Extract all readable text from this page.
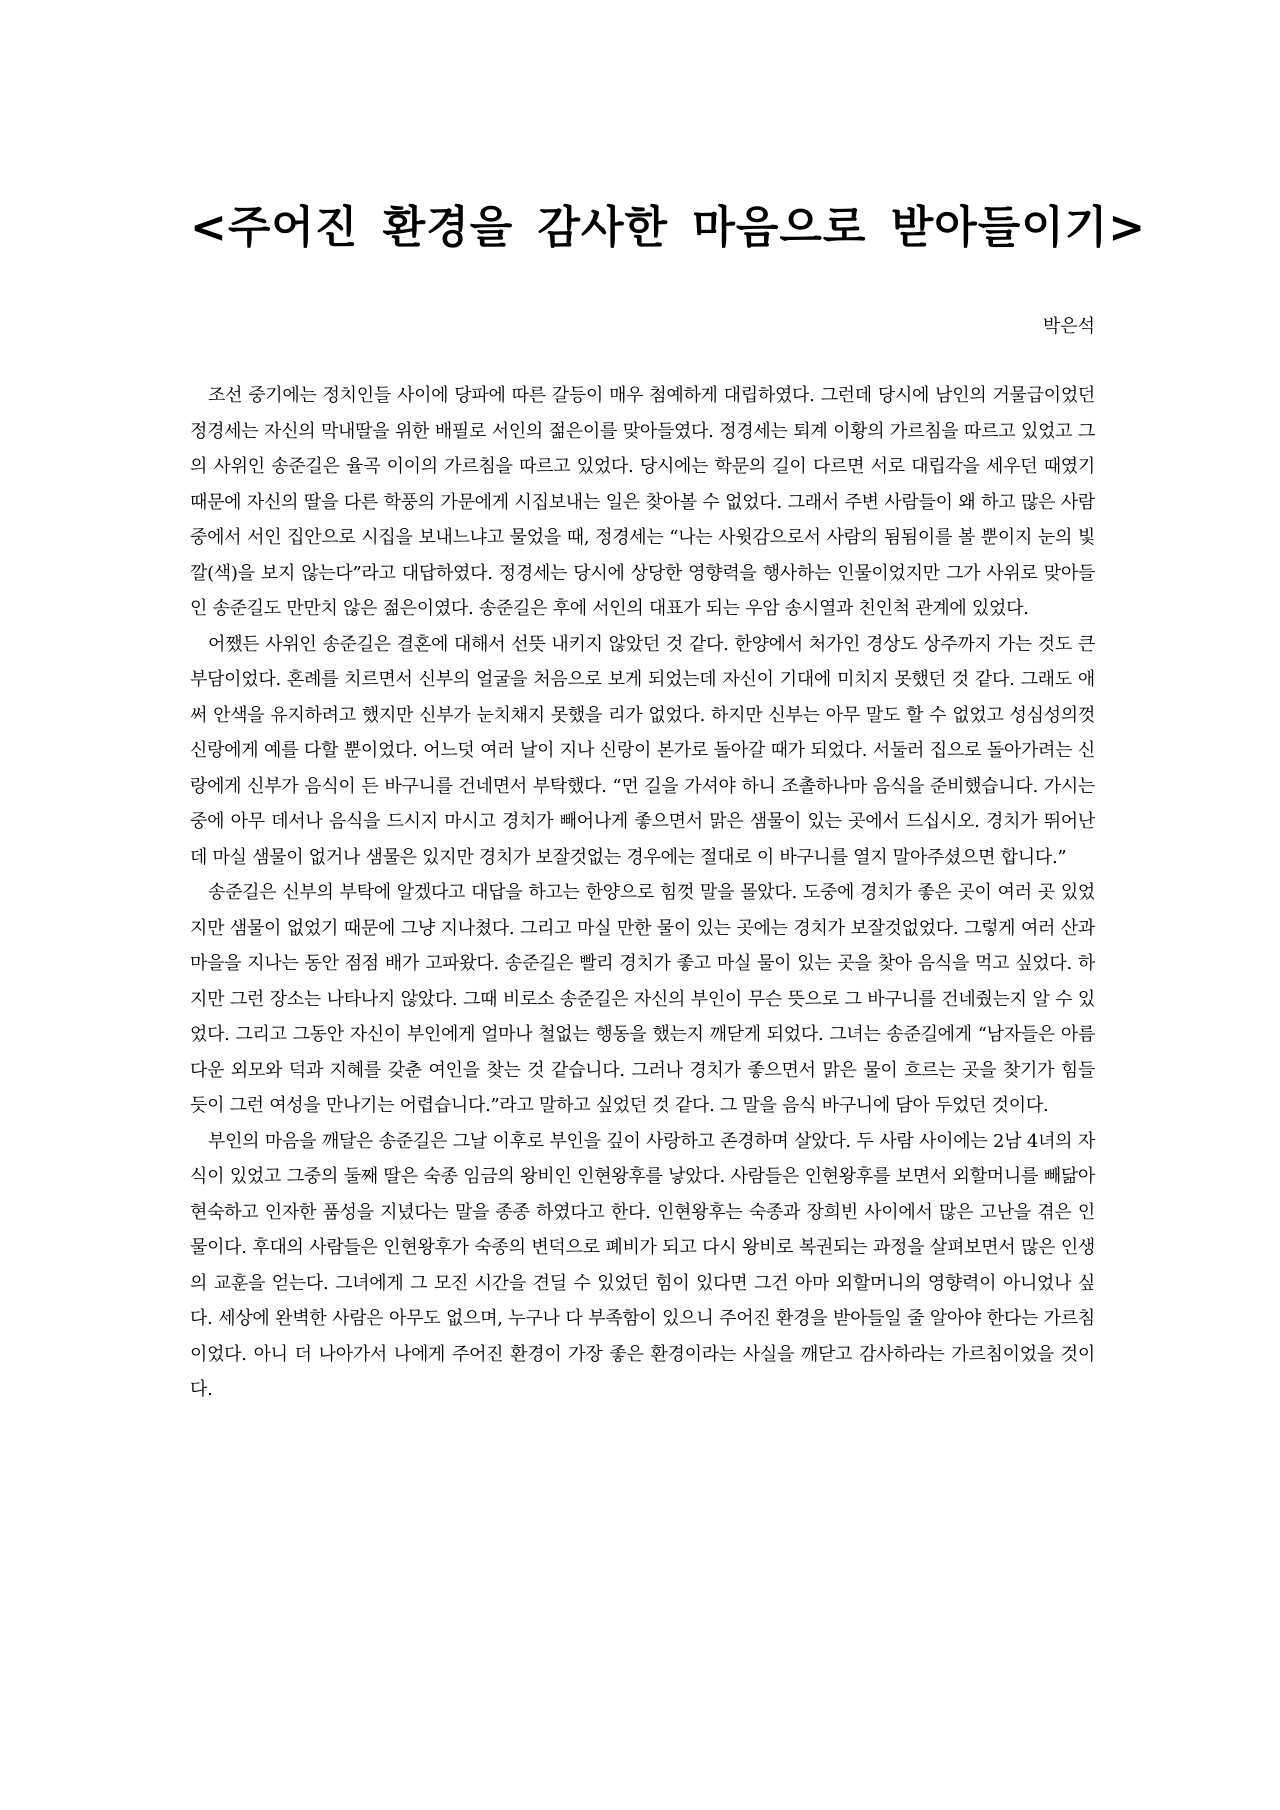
<주어진 환경을 감사한 마음으로 받아들이기>

박은석

조선 중기에는 정치인들 사이에 당파에 따른 갈등이 매우 첨예하게 대립하였다. 그런데 당시에 남인의 거물급이었던 정경세는 자신의 막내딸을 위한 배필로 서인의 젊은이를 맞아들였다. 정경세는 퇴계 이황의 가르침을 따르고 있었고 그의 사위인 송준길은 율곡 이이의 가르침을 따르고 있었다. 당시에는 학문의 길이 다르면 서로 대립각을 세우던 때였기 때문에 자신의 딸을 다른 학풍의 가문에게 시집보내는 일은 찾아볼 수 없었다. 그래서 주변 사람들이 왜 하고 많은 사람 중에서 서인 집안으로 시집을 보내느냐고 물었을 때, 정경세는 “나는 사윗감으로서 사람의 됨됨이를 볼 뿐이지 눈의 빛깔(색)을 보지 않는다”라고 대답하였다. 정경세는 당시에 상당한 영향력을 행사하는 인물이었지만 그가 사위로 맞아들인 송준길도 만만치 않은 젊은이였다. 송준길은 후에 서인의 대표가 되는 우암 송시열과 친인척 관계에 있었다.

어쨌든 사위인 송준길은 결혼에 대해서 선뜻 내키지 않았던 것 같다. 한양에서 처가인 경상도 상주까지 가는 것도 큰 부담이었다. 혼례를 치르면서 신부의 얼굴을 처음으로 보게 되었는데 자신이 기대에 미치지 못했던 것 같다. 그래도 애써 안색을 유지하려고 했지만 신부가 눈치채지 못했을 리가 없었다. 하지만 신부는 아무 말도 할 수 없었고 성심성의껏 신랑에게 예를 다할 뿐이었다. 어느덧 여러 날이 지나 신랑이 본가로 돌아갈 때가 되었다. 서둘러 집으로 돌아가려는 신랑에게 신부가 음식이 든 바구니를 건네면서 부탁했다. “먼 길을 가셔야 하니 조촐하나마 음식을 준비했습니다. 가시는 중에 아무 데서나 음식을 드시지 마시고 경치가 빼어나게 좋으면서 맑은 샘물이 있는 곳에서 드십시오. 경치가 뛰어난데 마실 샘물이 없거나 샘물은 있지만 경치가 보잘것없는 경우에는 절대로 이 바구니를 열지 말아주셨으면 합니다.”

송준길은 신부의 부탁에 알겠다고 대답을 하고는 한양으로 힘껏 말을 몰았다. 도중에 경치가 좋은 곳이 여러 곳 있었지만 샘물이 없었기 때문에 그냥 지나쳤다. 그리고 마실 만한 물이 있는 곳에는 경치가 보잘것없었다. 그렇게 여러 산과 마을을 지나는 동안 점점 배가 고파왔다. 송준길은 빨리 경치가 좋고 마실 물이 있는 곳을 찾아 음식을 먹고 싶었다. 하지만 그런 장소는 나타나지 않았다. 그때 비로소 송준길은 자신의 부인이 무슨 뜻으로 그 바구니를 건네줬는지 알 수 있었다. 그리고 그동안 자신이 부인에게 얼마나 철없는 행동을 했는지 깨닫게 되었다. 그녀는 송준길에게 “남자들은 아름다운 외모와 덕과 지혜를 갖춘 여인을 찾는 것 같습니다. 그러나 경치가 좋으면서 맑은 물이 흐르는 곳을 찾기가 힘들 듯이 그런 여성을 만나기는 어렵습니다.”라고 말하고 싶었던 것 같다. 그 말을 음식 바구니에 담아 두었던 것이다.

부인의 마음을 깨달은 송준길은 그날 이후로 부인을 깊이 사랑하고 존경하며 살았다. 두 사람 사이에는 2남 4녀의 자식이 있었고 그중의 둘째 딸은 숙종 임금의 왕비인 인현왕후를 낳았다. 사람들은 인현왕후를 보면서 외할머니를 빼닮아 현숙하고 인자한 품성을 지녔다는 말을 종종 하였다고 한다. 인현왕후는 숙종과 장희빈 사이에서 많은 고난을 겪은 인물이다. 후대의 사람들은 인현왕후가 숙종의 변덕으로 폐비가 되고 다시 왕비로 복권되는 과정을 살펴보면서 많은 인생의 교훈을 얻는다. 그녀에게 그 모진 시간을 견딜 수 있었던 힘이 있다면 그건 아마 외할머니의 영향력이 아니었나 싶다. 세상에 완벽한 사람은 아무도 없으며, 누구나 다 부족함이 있으니 주어진 환경을 받아들일 줄 알아야 한다는 가르침이었다. 아니 더 나아가서 나에게 주어진 환경이 가장 좋은 환경이라는 사실을 깨닫고 감사하라는 가르침이었을 것이다.
